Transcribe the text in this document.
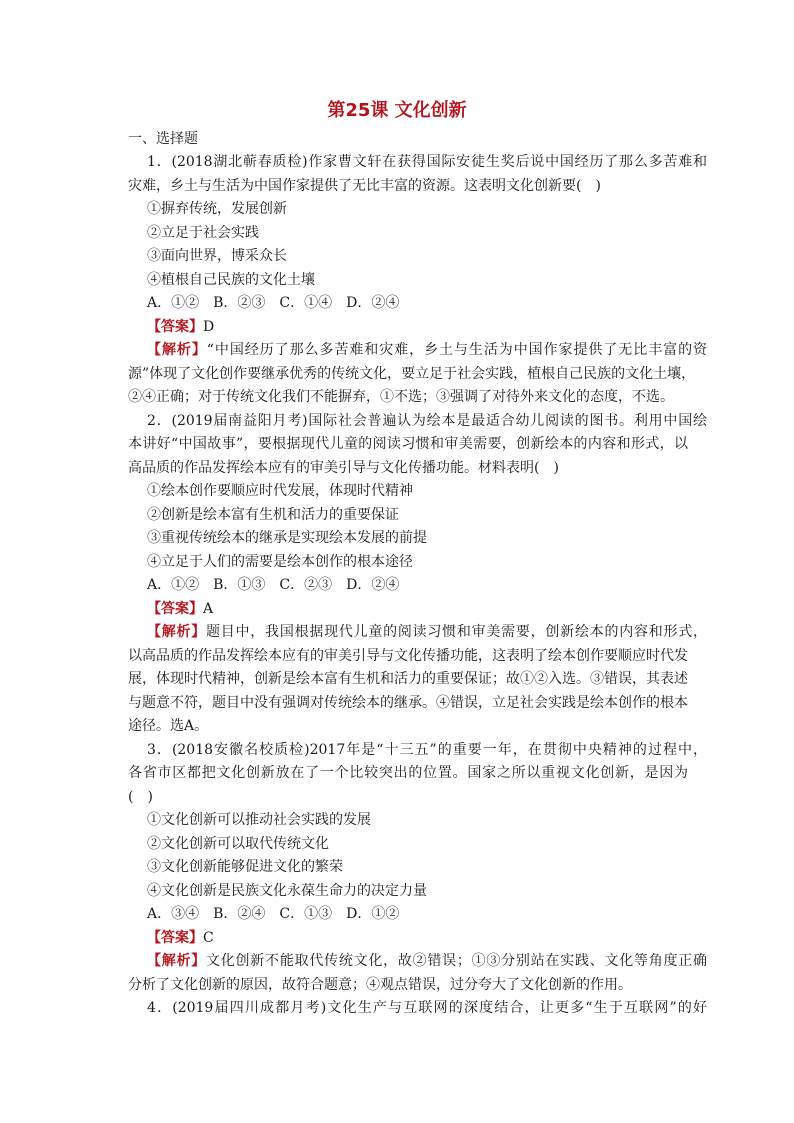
第25课 文化创新
一、选择题
1．(2018湖北蕲春质检)作家曹文轩在获得国际安徒生奖后说中国经历了那么多苦难和
灾难，乡土与生活为中国作家提供了无比丰富的资源。这表明文化创新要(　)
①摒弃传统，发展创新
②立足于社会实践
③面向世界，博采众长
④植根自己民族的文化土壤
A．①②　B．②③　C．①④　D．②④
【答案】D
【解析】“中国经历了那么多苦难和灾难，乡土与生活为中国作家提供了无比丰富的资
源”体现了文化创作要继承优秀的传统文化，要立足于社会实践，植根自己民族的文化土壤，
②④正确；对于传统文化我们不能摒弃，①不选；③强调了对待外来文化的态度，不选。
2．(2019届南益阳月考)国际社会普遍认为绘本是最适合幼儿阅读的图书。利用中国绘
本讲好“中国故事”，要根据现代儿童的阅读习惯和审美需要，创新绘本的内容和形式，以
高品质的作品发挥绘本应有的审美引导与文化传播功能。材料表明(　)
①绘本创作要顺应时代发展，体现时代精神
②创新是绘本富有生机和活力的重要保证
③重视传统绘本的继承是实现绘本发展的前提
④立足于人们的需要是绘本创作的根本途径
A．①②　B．①③　C．②③　D．②④
【答案】A
【解析】题目中，我国根据现代儿童的阅读习惯和审美需要，创新绘本的内容和形式，
以高品质的作品发挥绘本应有的审美引导与文化传播功能，这表明了绘本创作要顺应时代发
展，体现时代精神，创新是绘本富有生机和活力的重要保证；故①②入选。③错误，其表述
与题意不符，题目中没有强调对传统绘本的继承。④错误，立足社会实践是绘本创作的根本
途径。选A。
3．(2018安徽名校质检)2017年是“十三五”的重要一年，在贯彻中央精神的过程中，
各省市区都把文化创新放在了一个比较突出的位置。国家之所以重视文化创新，是因为
(　)
①文化创新可以推动社会实践的发展
②文化创新可以取代传统文化
③文化创新能够促进文化的繁荣
④文化创新是民族文化永葆生命力的决定力量
A．③④　B．②④　C．①③　D．①②
【答案】C
【解析】文化创新不能取代传统文化，故②错误；①③分别站在实践、文化等角度正确
分析了文化创新的原因，故符合题意；④观点错误，过分夸大了文化创新的作用。
4．(2019届四川成都月考)文化生产与互联网的深度结合，让更多“生于互联网”的好
